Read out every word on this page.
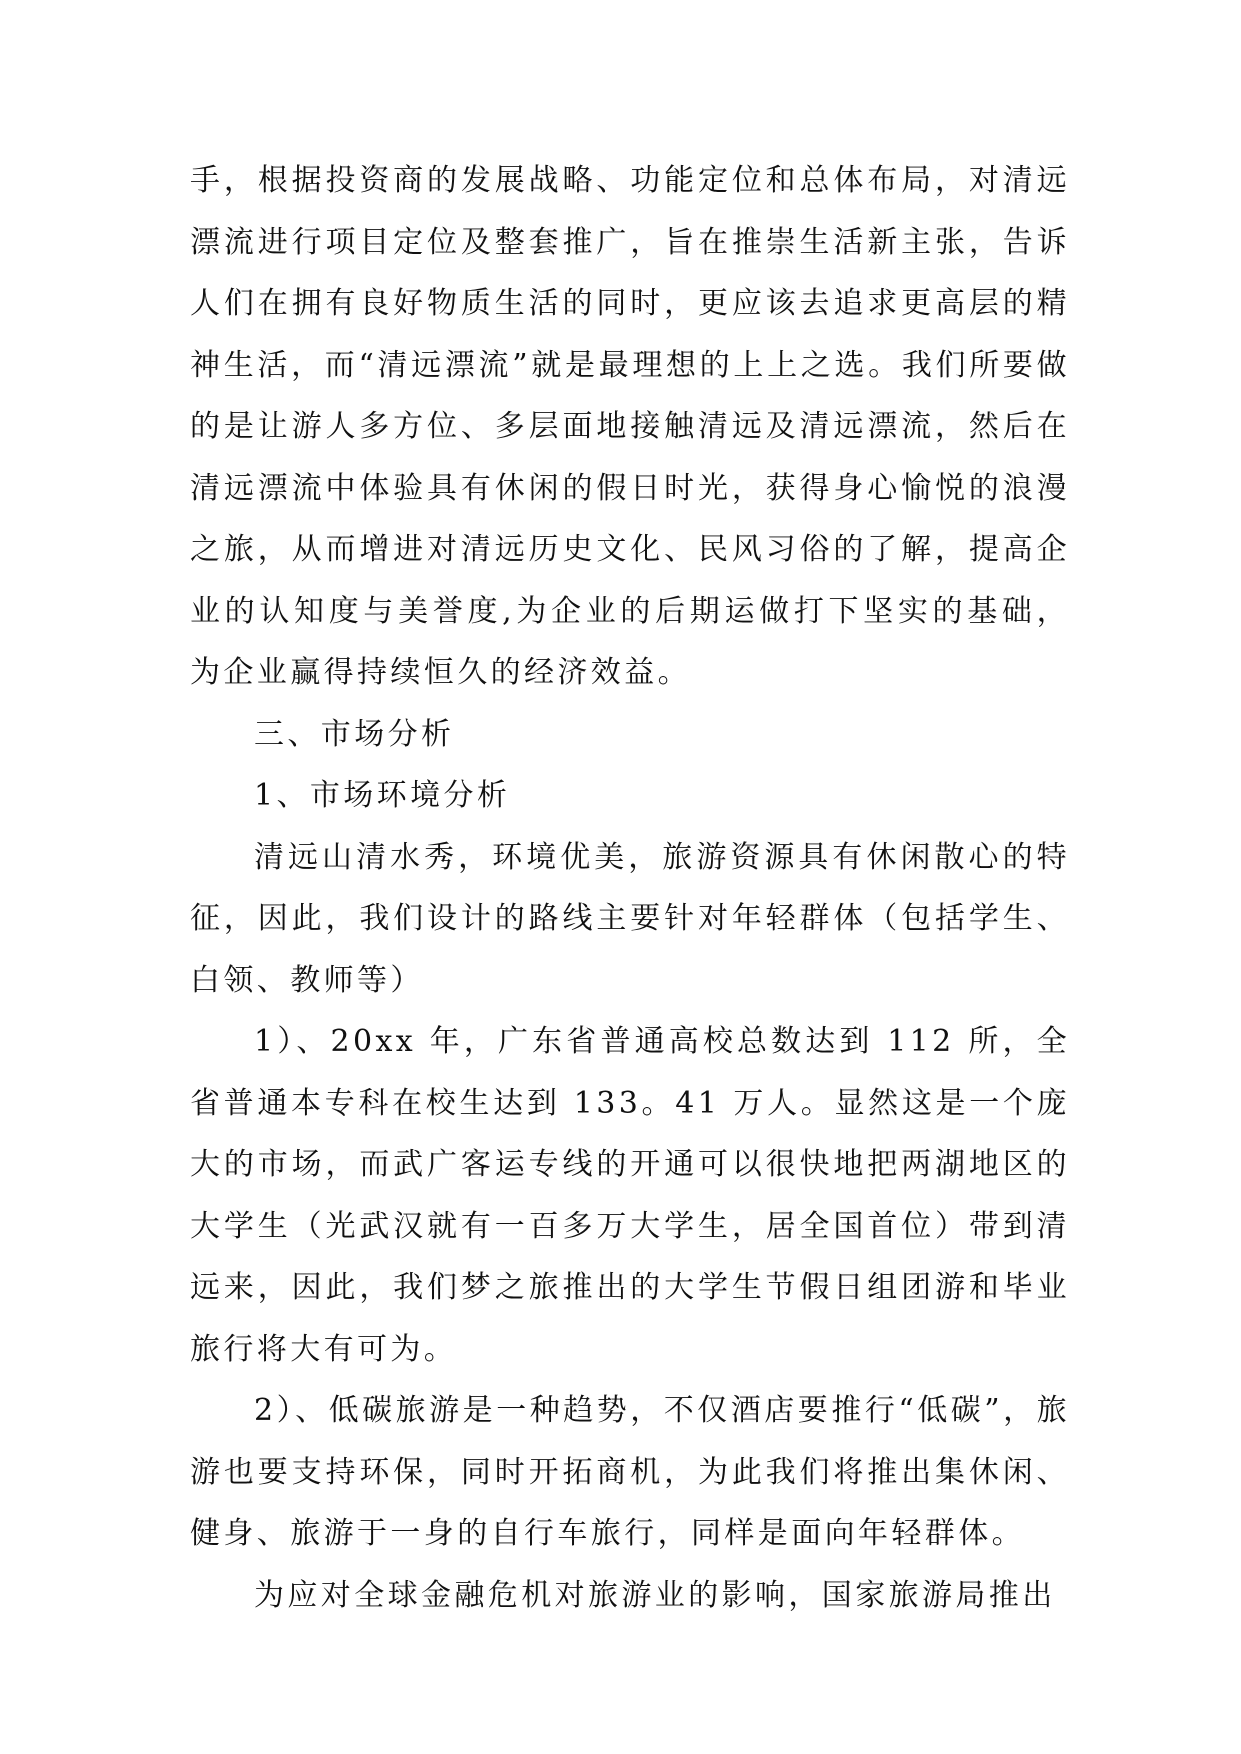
手，根据投资商的发展战略、功能定位和总体布局，对清远漂流进行项目定位及整套推广，旨在推崇生活新主张，告诉人们在拥有良好物质生活的同时，更应该去追求更高层的精神生活，而“清远漂流”就是最理想的上上之选。我们所要做的是让游人多方位、多层面地接触清远及清远漂流，然后在清远漂流中体验具有休闲的假日时光，获得身心愉悦的浪漫之旅，从而增进对清远历史文化、民风习俗的了解，提高企业的认知度与美誉度,为企业的后期运做打下坚实的基础，为企业赢得持续恒久的经济效益。

三、市场分析

1、市场环境分析

清远山清水秀，环境优美，旅游资源具有休闲散心的特征，因此，我们设计的路线主要针对年轻群体（包括学生、白领、教师等）

1）、20xx 年，广东省普通高校总数达到 112 所，全省普通本专科在校生达到 133。41 万人。显然这是一个庞大的市场，而武广客运专线的开通可以很快地把两湖地区的大学生（光武汉就有一百多万大学生，居全国首位）带到清远来，因此，我们梦之旅推出的大学生节假日组团游和毕业旅行将大有可为。

2）、低碳旅游是一种趋势，不仅酒店要推行“低碳”，旅游也要支持环保，同时开拓商机，为此我们将推出集休闲、健身、旅游于一身的自行车旅行，同样是面向年轻群体。

为应对全球金融危机对旅游业的影响，国家旅游局推出
